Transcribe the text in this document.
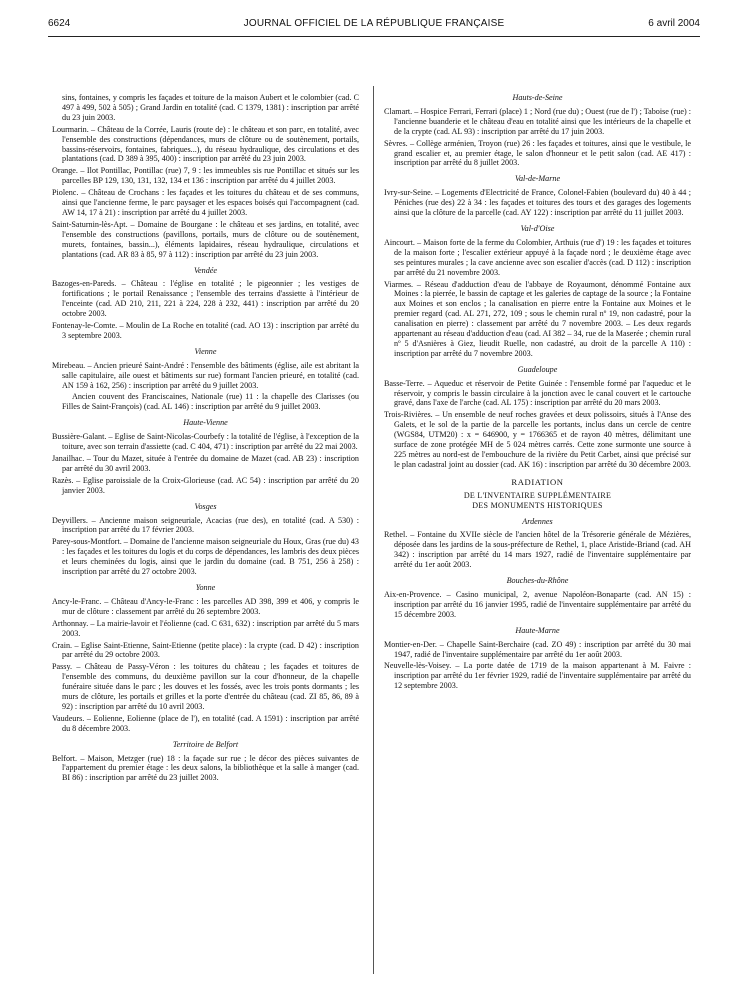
6624	JOURNAL OFFICIEL DE LA RÉPUBLIQUE FRANÇAISE	6 avril 2004

sins, fontaines, y compris les façades et toiture de la maison Aubert et le colombier (cad. C 497 à 499, 502 à 505) ; Grand Jardin en totalité (cad. C 1379, 1381) : inscription par arrêté du 23 juin 2003.

Lourmarin. – Château de la Corrée, Lauris (route de) : le château et son parc, en totalité, avec l'ensemble des constructions (dépendances, murs de clôture ou de soutènement, portails, bassins-réservoirs, fontaines, fabriques...), du réseau hydraulique, des circulations et des plantations (cad. D 389 à 395, 400) : inscription par arrêté du 23 juin 2003.

Orange. – Ilot Pontillac, Pontillac (rue) 7, 9 : les immeubles sis rue Pontillac et situés sur les parcelles BP 129, 130, 131, 132, 134 et 136 : inscription par arrêté du 4 juillet 2003.

Piolenc. – Château de Crochans : les façades et les toitures du château et de ses communs, ainsi que l'ancienne ferme, le parc paysager et les espaces boisés qui l'accompagnent (cad. AW 14, 17 à 21) : inscription par arrêté du 4 juillet 2003.

Saint-Saturnin-lès-Apt. – Domaine de Bourgane : le château et ses jardins, en totalité, avec l'ensemble des constructions (pavillons, portails, murs de clôture ou de soutènement, murets, fontaines, bassin...), éléments lapidaires, réseau hydraulique, circulations et plantations (cad. AR 83 à 85, 97 à 112) : inscription par arrêté du 23 juin 2003.

Vendée

Bazoges-en-Pareds. – Château : l'église en totalité ; le pigeonnier ; les vestiges de fortifications ; le portail Renaissance ; l'ensemble des terrains d'assiette à l'intérieur de l'enceinte (cad. AD 210, 211, 221 à 224, 228 à 232, 441) : inscription par arrêté du 20 octobre 2003.

Fontenay-le-Comte. – Moulin de La Roche en totalité (cad. AO 13) : inscription par arrêté du 3 septembre 2003.

Vienne

Mirebeau. – Ancien prieuré Saint-André : l'ensemble des bâtiments (église, aile est abritant la salle capitulaire, aile ouest et bâtiments sur rue) formant l'ancien prieuré, en totalité (cad. AN 159 à 162, 256) : inscription par arrêté du 9 juillet 2003.

Ancien couvent des Franciscaines, Nationale (rue) 11 : la chapelle des Clarisses (ou Filles de Saint-François) (cad. AL 146) : inscription par arrêté du 9 juillet 2003.

Haute-Vienne

Bussière-Galant. – Eglise de Saint-Nicolas-Courbefy : la totalité de l'église, à l'exception de la toiture, avec son terrain d'assiette (cad. C 404, 471) : inscription par arrêté du 22 mai 2003.

Janailhac. – Tour du Mazet, située à l'entrée du domaine de Mazet (cad. AB 23) : inscription par arrêté du 30 avril 2003.

Razès. – Eglise paroissiale de la Croix-Glorieuse (cad. AC 54) : inscription par arrêté du 20 janvier 2003.

Vosges

Deyvillers. – Ancienne maison seigneuriale, Acacias (rue des), en totalité (cad. A 530) : inscription par arrêté du 17 février 2003.

Parey-sous-Montfort. – Domaine de l'ancienne maison seigneuriale du Houx, Gras (rue du) 43 : les façades et les toitures du logis et du corps de dépendances, les lambris des deux pièces et leurs cheminées du logis, ainsi que le jardin du domaine (cad. B 751, 256 à 258) : inscription par arrêté du 27 octobre 2003.

Yonne

Ancy-le-Franc. – Château d'Ancy-le-Franc : les parcelles AD 398, 399 et 406, y compris le mur de clôture : classement par arrêté du 26 septembre 2003.

Arthonnay. – La mairie-lavoir et l'éolienne (cad. C 631, 632) : inscription par arrêté du 5 mars 2003.

Crain. – Eglise Saint-Etienne, Saint-Etienne (petite place) : la crypte (cad. D 42) : inscription par arrêté du 29 octobre 2003.

Passy. – Château de Passy-Véron : les toitures du château ; les façades et toitures de l'ensemble des communs, du deuxième pavillon sur la cour d'honneur, de la chapelle funéraire située dans le parc ; les douves et les fossés, avec les trois ponts dormants ; les murs de clôture, les portails et grilles et la porte d'entrée du château (cad. ZI 85, 86, 89 à 92) : inscription par arrêté du 10 avril 2003.

Vaudeurs. – Eolienne, Eolienne (place de l'), en totalité (cad. A 1591) : inscription par arrêté du 8 décembre 2003.

Territoire de Belfort

Belfort. – Maison, Metzger (rue) 18 : la façade sur rue ; le décor des pièces suivantes de l'appartement du premier étage : les deux salons, la bibliothèque et la salle à manger (cad. BI 86) : inscription par arrêté du 23 juillet 2003.

Hauts-de-Seine

Clamart. – Hospice Ferrari, Ferrari (place) 1 ; Nord (rue du) ; Ouest (rue de l') ; Taboise (rue) : l'ancienne buanderie et le château d'eau en totalité ainsi que les intérieurs de la chapelle et de la crypte (cad. AL 93) : inscription par arrêté du 17 juin 2003.

Sèvres. – Collège arménien, Troyon (rue) 26 : les façades et toitures, ainsi que le vestibule, le grand escalier et, au premier étage, le salon d'honneur et le petit salon (cad. AE 417) : inscription par arrêté du 8 juillet 2003.

Val-de-Marne

Ivry-sur-Seine. – Logements d'Electricité de France, Colonel-Fabien (boulevard du) 40 à 44 ; Péniches (rue des) 22 à 34 : les façades et toitures des tours et des garages des logements ainsi que la clôture de la parcelle (cad. AY 122) : inscription par arrêté du 11 juillet 2003.

Val-d'Oise

Aincourt. – Maison forte de la ferme du Colombier, Arthuis (rue d') 19 : les façades et toitures de la maison forte ; l'escalier extérieur appuyé à la façade nord ; le deuxième étage avec ses peintures murales ; la cave ancienne avec son escalier d'accès (cad. D 112) : inscription par arrêté du 21 novembre 2003.

Viarmes. – Réseau d'adduction d'eau de l'abbaye de Royaumont, dénommé Fontaine aux Moines : la pierrée, le bassin de captage et les galeries de captage de la source ; la Fontaine aux Moines et son enclos ; la canalisation en pierre entre la Fontaine aux Moines et le premier regard (cad. AL 271, 272, 109 ; sous le chemin rural nº 19, non cadastré, pour la canalisation en pierre) : classement par arrêté du 7 novembre 2003. – Les deux regards appartenant au réseau d'adduction d'eau (cad. AI 382 – 34, rue de la Maserée ; chemin rural nº 5 d'Asnières à Giez, lieudit Ruelle, non cadastré, au droit de la parcelle A 110) : inscription par arrêté du 7 novembre 2003.

Guadeloupe

Basse-Terre. – Aqueduc et réservoir de Petite Guinée : l'ensemble formé par l'aqueduc et le réservoir, y compris le bassin circulaire à la jonction avec le canal couvert et le cartouche gravé, dans l'axe de l'arche (cad. AL 175) : inscription par arrêté du 20 mars 2003.

Trois-Rivières. – Un ensemble de neuf roches gravées et deux polissoirs, situés à l'Anse des Galets, et le sol de la partie de la parcelle les portants, inclus dans un cercle de centre (WGS84, UTM20) : x = 646900, y = 1766365 et de rayon 40 mètres, délimitant une surface de zone protégée MH de 5 024 mètres carrés. Cette zone surmonte une source à 225 mètres au nord-est de l'embouchure de la rivière du Petit Carbet, ainsi que précisé sur le plan cadastral joint au dossier (cad. AK 16) : inscription par arrêté du 30 décembre 2003.

RADIATION
DE L'INVENTAIRE SUPPLÉMENTAIRE
DES MONUMENTS HISTORIQUES
Ardennes

Rethel. – Fontaine du XVIIe siècle de l'ancien hôtel de la Trésorerie générale de Mézières, déposée dans les jardins de la sous-préfecture de Rethel, 1, place Aristide-Briand (cad. AH 342) : inscription par arrêté du 14 mars 1927, radié de l'inventaire supplémentaire par arrêté du 1er août 2003.

Bouches-du-Rhône

Aix-en-Provence. – Casino municipal, 2, avenue Napoléon-Bonaparte (cad. AN 15) : inscription par arrêté du 16 janvier 1995, radié de l'inventaire supplémentaire par arrêté du 15 décembre 2003.

Haute-Marne

Montier-en-Der. – Chapelle Saint-Berchaire (cad. ZO 49) : inscription par arrêté du 30 mai 1947, radié de l'inventaire supplémentaire par arrêté du 1er août 2003.

Neuvelle-lès-Voisey. – La porte datée de 1719 de la maison appartenant à M. Faivre : inscription par arrêté du 1er février 1929, radié de l'inventaire supplémentaire par arrêté du 12 septembre 2003.
